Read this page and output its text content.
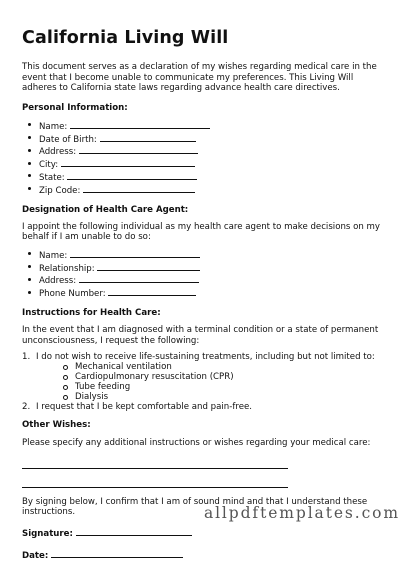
California Living Will

This document serves as a declaration of my wishes regarding medical care in the event that I become unable to communicate my preferences. This Living Will adheres to California state laws regarding advance health care directives.

Personal Information:
Name:
Date of Birth:
Address:
City:
State:
Zip Code:
Designation of Health Care Agent:

I appoint the following individual as my health care agent to make decisions on my behalf if I am unable to do so:

Name:
Relationship:
Address:
Phone Number:
Instructions for Health Care:

In the event that I am diagnosed with a terminal condition or a state of permanent unconsciousness, I request the following:

1. I do not wish to receive life-sustaining treatments, including but not limited to:
Mechanical ventilation
Cardiopulmonary resuscitation (CPR)
Tube feeding
Dialysis
2. I request that I be kept comfortable and pain-free.
Other Wishes:

Please specify any additional instructions or wishes regarding your medical care:

By signing below, I confirm that I am of sound mind and that I understand these instructions.

Signature:
Date:
allpdftemplates.com
